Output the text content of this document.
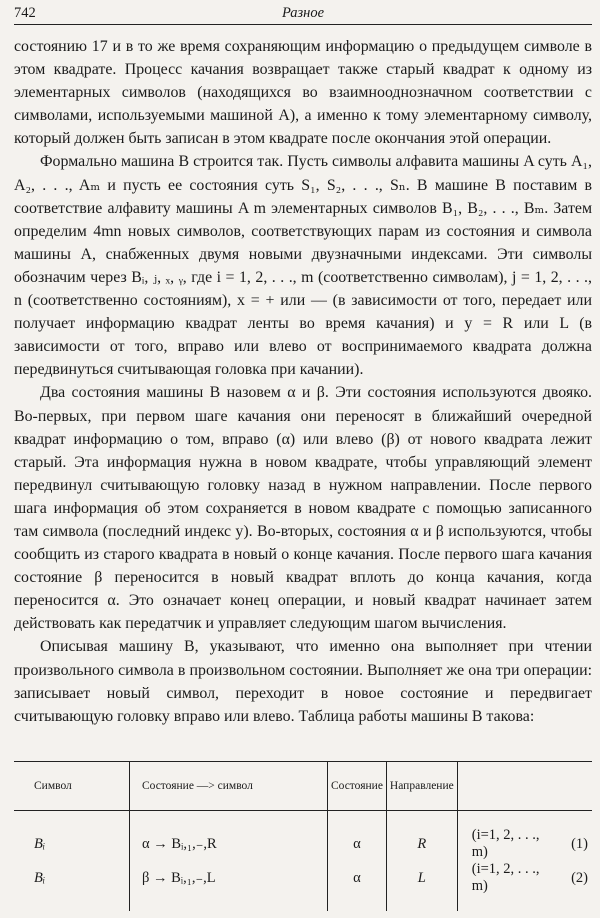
742	Разное

состоянию 17 и в то же время сохраняющим информацию о предыдущем символе в этом квадрате. Процесс качания возвращает также старый квадрат к одному из элементарных символов (находящихся во взаимнооднозначном соответствии с символами, используемыми машиной A), а именно к тому элементарному символу, который должен быть записан в этом квадрате после окончания этой операции.

Формально машина B строится так. Пусть символы алфавита машины A суть A₁, A₂, . . ., Aₘ и пусть ее состояния суть S₁, S₂, . . ., Sₙ. В машине B поставим в соответствие алфавиту машины A m элементарных символов B₁, B₂, . . ., Bₘ. Затем определим 4mn новых символов, соответствующих парам из состояния и символа машины A, снабженных двумя новыми двузначными индексами. Эти символы обозначим через Bᵢ, ⱼ, ₓ, ᵧ, где i = 1, 2, . . ., m (соответственно символам), j = 1, 2, . . ., n (соответственно состояниям), x = + или — (в зависимости от того, передает или получает информацию квадрат ленты во время качания) и y = R или L (в зависимости от того, вправо или влево от воспринимаемого квадрата должна передвинуться считывающая головка при качании).

Два состояния машины B назовем α и β. Эти состояния используются двояко. Во-первых, при первом шаге качания они переносят в ближайший очередной квадрат информацию о том, вправо (α) или влево (β) от нового квадрата лежит старый. Эта информация нужна в новом квадрате, чтобы управляющий элемент передвинул считывающую головку назад в нужном направлении. После первого шага информация об этом сохраняется в новом квадрате с помощью записанного там символа (последний индекс y). Во-вторых, состояния α и β используются, чтобы сообщить из старого квадрата в новый о конце качания. После первого шага качания состояние β переносится в новый квадрат вплоть до конца качания, когда переносится α. Это означает конец операции, и новый квадрат начинает затем действовать как передатчик и управляет следующим шагом вычисления.

Описывая машину B, указывают, что именно она выполняет при чтении произвольного символа в произвольном состоянии. Выполняет же она три операции: записывает новый символ, переходит в новое состояние и передвигает считывающую головку вправо или влево. Таблица работы машины B такова:

Символ	Состояние —> символ	Состояние	Направление		

Bᵢ	α → Bᵢ,₁,₋,R	α	R	(i=1, 2, . . ., m)	(1)
Bᵢ	β → Bᵢ,₁,₋,L	α	L	(i=1, 2, . . ., m)	(2)
